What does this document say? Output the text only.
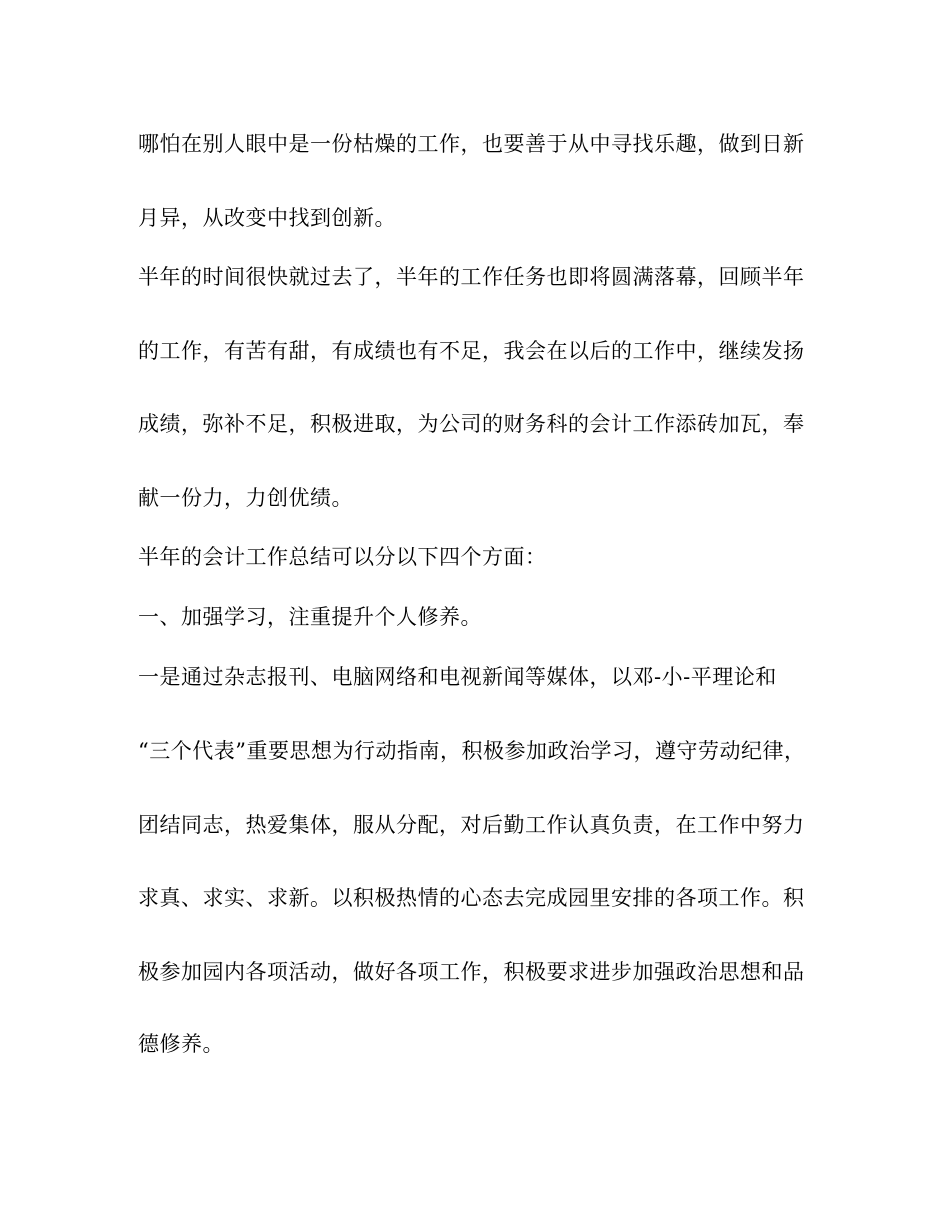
哪怕在别人眼中是一份枯燥的工作，也要善于从中寻找乐趣，做到日新
月异，从改变中找到创新。
半年的时间很快就过去了，半年的工作任务也即将圆满落幕，回顾半年
的工作，有苦有甜，有成绩也有不足，我会在以后的工作中，继续发扬
成绩，弥补不足，积极进取，为公司的财务科的会计工作添砖加瓦，奉
献一份力，力创优绩。
半年的会计工作总结可以分以下四个方面：
一、加强学习，注重提升个人修养。
一是通过杂志报刊、电脑网络和电视新闻等媒体，以邓-小-平理论和
“三个代表”重要思想为行动指南，积极参加政治学习，遵守劳动纪律，
团结同志，热爱集体，服从分配，对后勤工作认真负责，在工作中努力
求真、求实、求新。以积极热情的心态去完成园里安排的各项工作。积
极参加园内各项活动，做好各项工作，积极要求进步加强政治思想和品
德修养。
